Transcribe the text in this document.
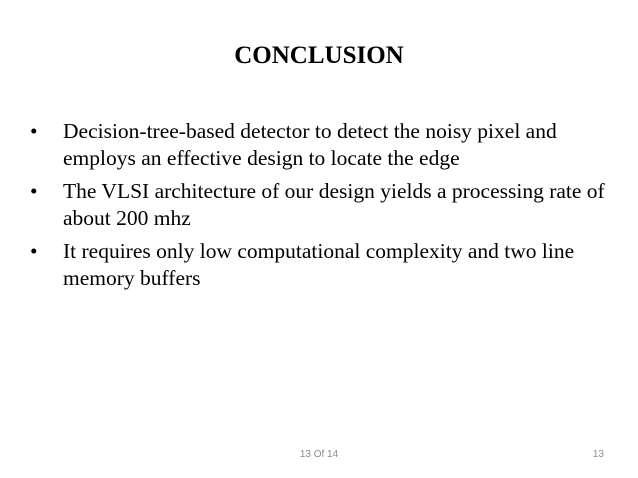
CONCLUSION
•	Decision-tree-based detector to detect the noisy pixel and employs an effective design to locate the edge
•	The VLSI architecture of our design yields a processing rate of about 200 mhz
•	It requires only low computational complexity and two line memory buffers

13 Of 14	13
